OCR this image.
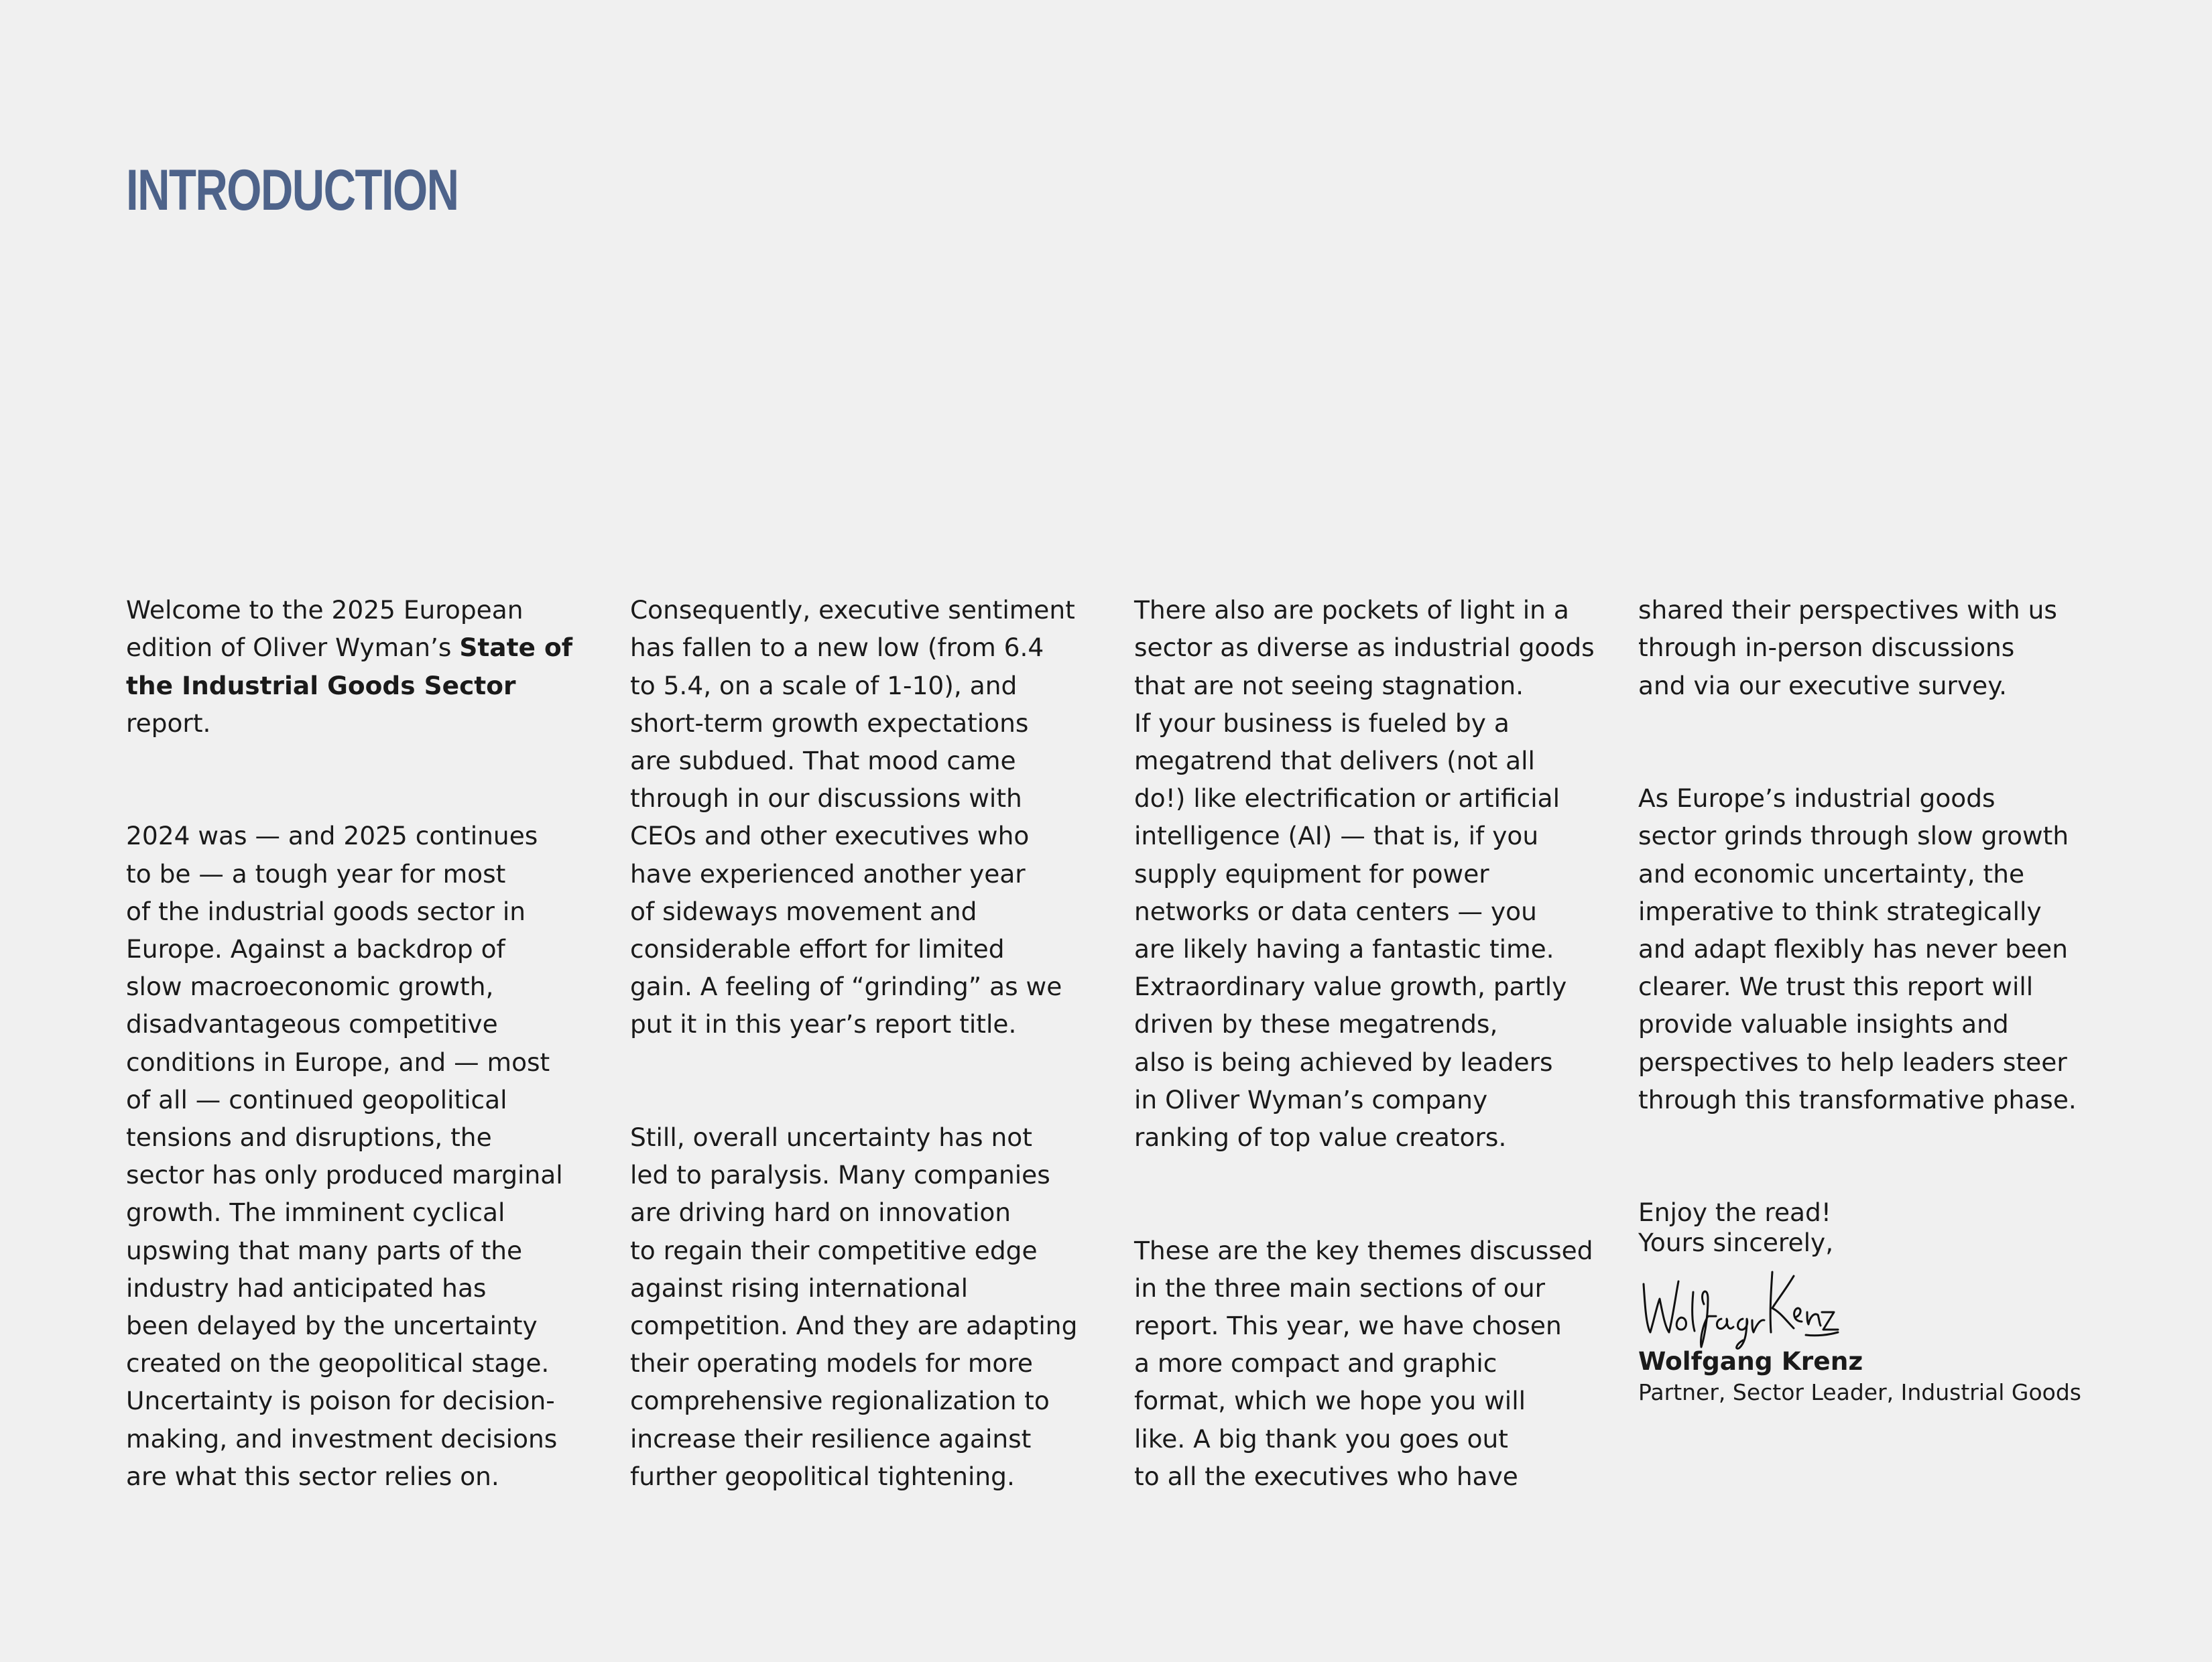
INTRODUCTION

Welcome to the 2025 European
edition of Oliver Wyman’s State of
the Industrial Goods Sector report.

2024 was — and 2025 continues
to be — a tough year for most
of the industrial goods sector in
Europe. Against a backdrop of
slow macroeconomic growth,
disadvantageous competitive
conditions in Europe, and — most
of all — continued geopolitical
tensions and disruptions, the
sector has only produced marginal
growth. The imminent cyclical
upswing that many parts of the
industry had anticipated has
been delayed by the uncertainty
created on the geopolitical stage.
Uncertainty is poison for decision-
making, and investment decisions
are what this sector relies on.

Consequently, executive sentiment
has fallen to a new low (from 6.4
to 5.4, on a scale of 1-10), and
short-term growth expectations
are subdued. That mood came
through in our discussions with
CEOs and other executives who
have experienced another year
of sideways movement and
considerable effort for limited
gain. A feeling of “grinding” as we
put it in this year’s report title.

Still, overall uncertainty has not
led to paralysis. Many companies
are driving hard on innovation
to regain their competitive edge
against rising international
competition. And they are adapting
their operating models for more
comprehensive regionalization to
increase their resilience against
further geopolitical tightening.

There also are pockets of light in a
sector as diverse as industrial goods
that are not seeing stagnation.
If your business is fueled by a
megatrend that delivers (not all
do!) like electrification or artificial
intelligence (AI) — that is, if you
supply equipment for power
networks or data centers — you
are likely having a fantastic time.
Extraordinary value growth, partly
driven by these megatrends,
also is being achieved by leaders
in Oliver Wyman’s company
ranking of top value creators.

These are the key themes discussed
in the three main sections of our
report. This year, we have chosen
a more compact and graphic
format, which we hope you will
like. A big thank you goes out
to all the executives who have

shared their perspectives with us
through in-person discussions
and via our executive survey.

As Europe’s industrial goods
sector grinds through slow growth
and economic uncertainty, the
imperative to think strategically
and adapt flexibly has never been
clearer. We trust this report will
provide valuable insights and
perspectives to help leaders steer
through this transformative phase.

Enjoy the read!

Yours sincerely,
Wolfgang Krenz
Partner, Sector Leader, Industrial Goods
